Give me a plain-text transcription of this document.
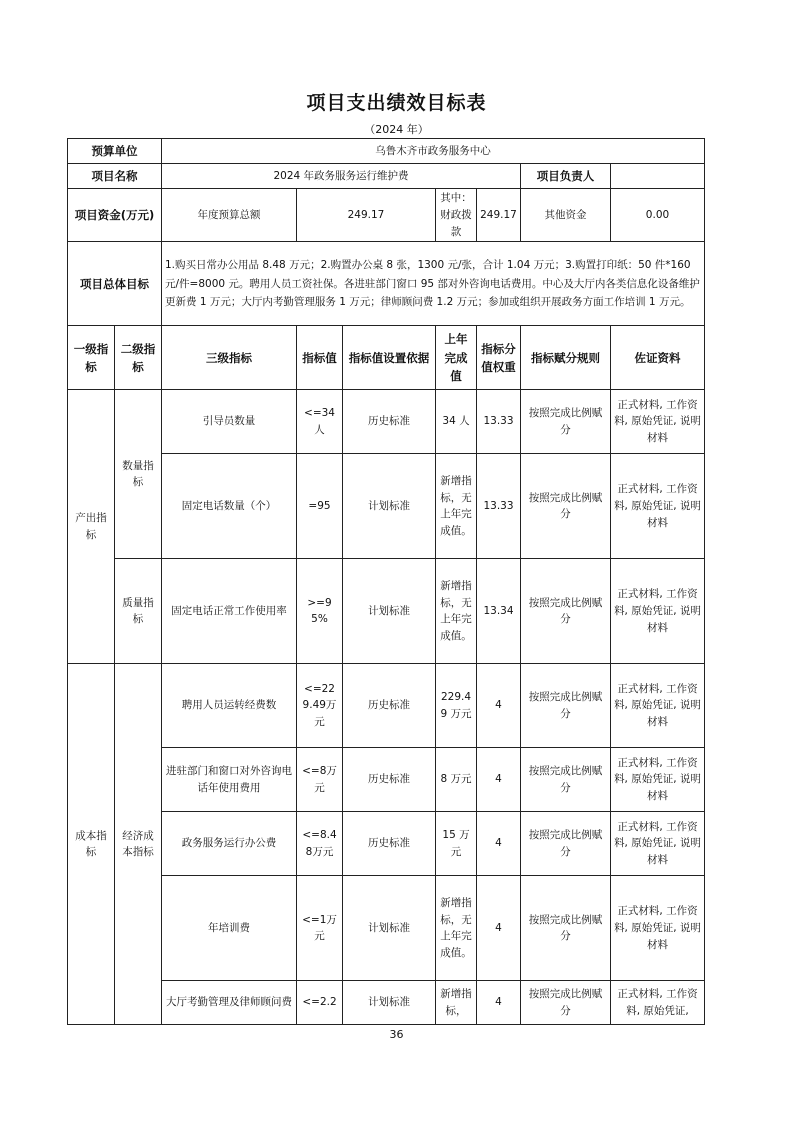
项目支出绩效目标表
（2024 年）
预算单位		乌鲁木齐市政务服务中心						
项目名称		2024 年政务服务运行维护费					项目负责人	
项目资金(万元)		年度预算总额	249.17		其中：财政拨款	249.17	其他资金	0.00
项目总体目标		1.购买日常办公用品 8.48 万元；2.购置办公桌 8 张，1300 元/张，合计 1.04 万元；3.购置打印纸：50 件*160 元/件=8000 元。聘用人员工资社保。各进驻部门窗口 95 部对外咨询电话费用。中心及大厅内各类信息化设备维护更新费 1 万元；大厅内考勤管理服务 1 万元；律师顾问费 1.2 万元；参加或组织开展政务方面工作培训 1 万元。						
一级指标	二级指标	三级指标	指标值	指标值设置依据	上年完成值	指标分值权重	指标赋分规则	佐证资料
产出指标	数量指标	引导员数量	<=34人	历史标准	34 人	13.33	按照完成比例赋分	正式材料, 工作资料, 原始凭证, 说明材料
		固定电话数量（个）	=95	计划标准	新增指标，无上年完成值。	13.33	按照完成比例赋分	正式材料, 工作资料, 原始凭证, 说明材料
	质量指标	固定电话正常工作使用率	>=95%	计划标准	新增指标，无上年完成值。	13.34	按照完成比例赋分	正式材料, 工作资料, 原始凭证, 说明材料
成本指标	经济成本指标	聘用人员运转经费数	<=229.49万元	历史标准	229.49 万元	4	按照完成比例赋分	正式材料, 工作资料, 原始凭证, 说明材料
		进驻部门和窗口对外咨询电话年使用费用	<=8万元	历史标准	8 万元	4	按照完成比例赋分	正式材料, 工作资料, 原始凭证, 说明材料
		政务服务运行办公费	<=8.48万元	历史标准	15 万元	4	按照完成比例赋分	正式材料, 工作资料, 原始凭证, 说明材料
		年培训费	<=1万元	计划标准	新增指标，无上年完成值。	4	按照完成比例赋分	正式材料, 工作资料, 原始凭证, 说明材料
		大厅考勤管理及律师顾问费	<=2.2	计划标准	新增指标，	4	按照完成比例赋分	正式材料, 工作资料, 原始凭证,
36
